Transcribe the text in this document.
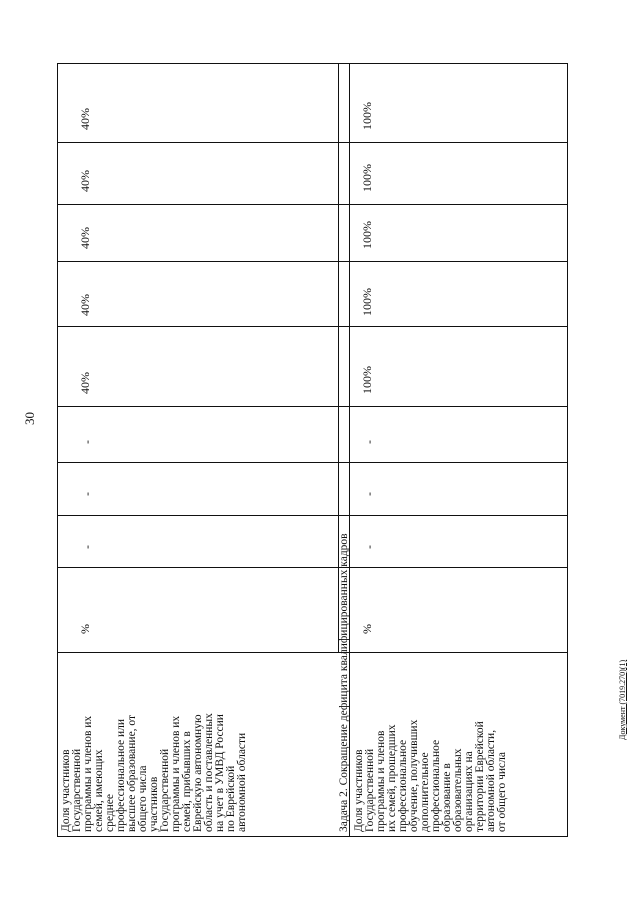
30
Документ (7019.270)(1)
Доля участников Государственной программы и членов их семей, имеющих среднее профессиональное или высшее образование, от общего числа участников Государственной программы и членов их семей, прибывших в Еврейскую автономную область и поставленных на учет в УМВД России по Еврейской автономной области
%
-
-
-
40%
40%
40%
40%
40%
Задача 2. Сокращение дефицита квалифицированных кадров Доля участников Государственной программы и членов их семей, прошедших профессиональное обучение, получивших дополнительное профессиональное образование в образовательных организациях на территории Еврейской автономной области, от общего числа
%
-
-
-
100%
100%
100%
100%
100%
